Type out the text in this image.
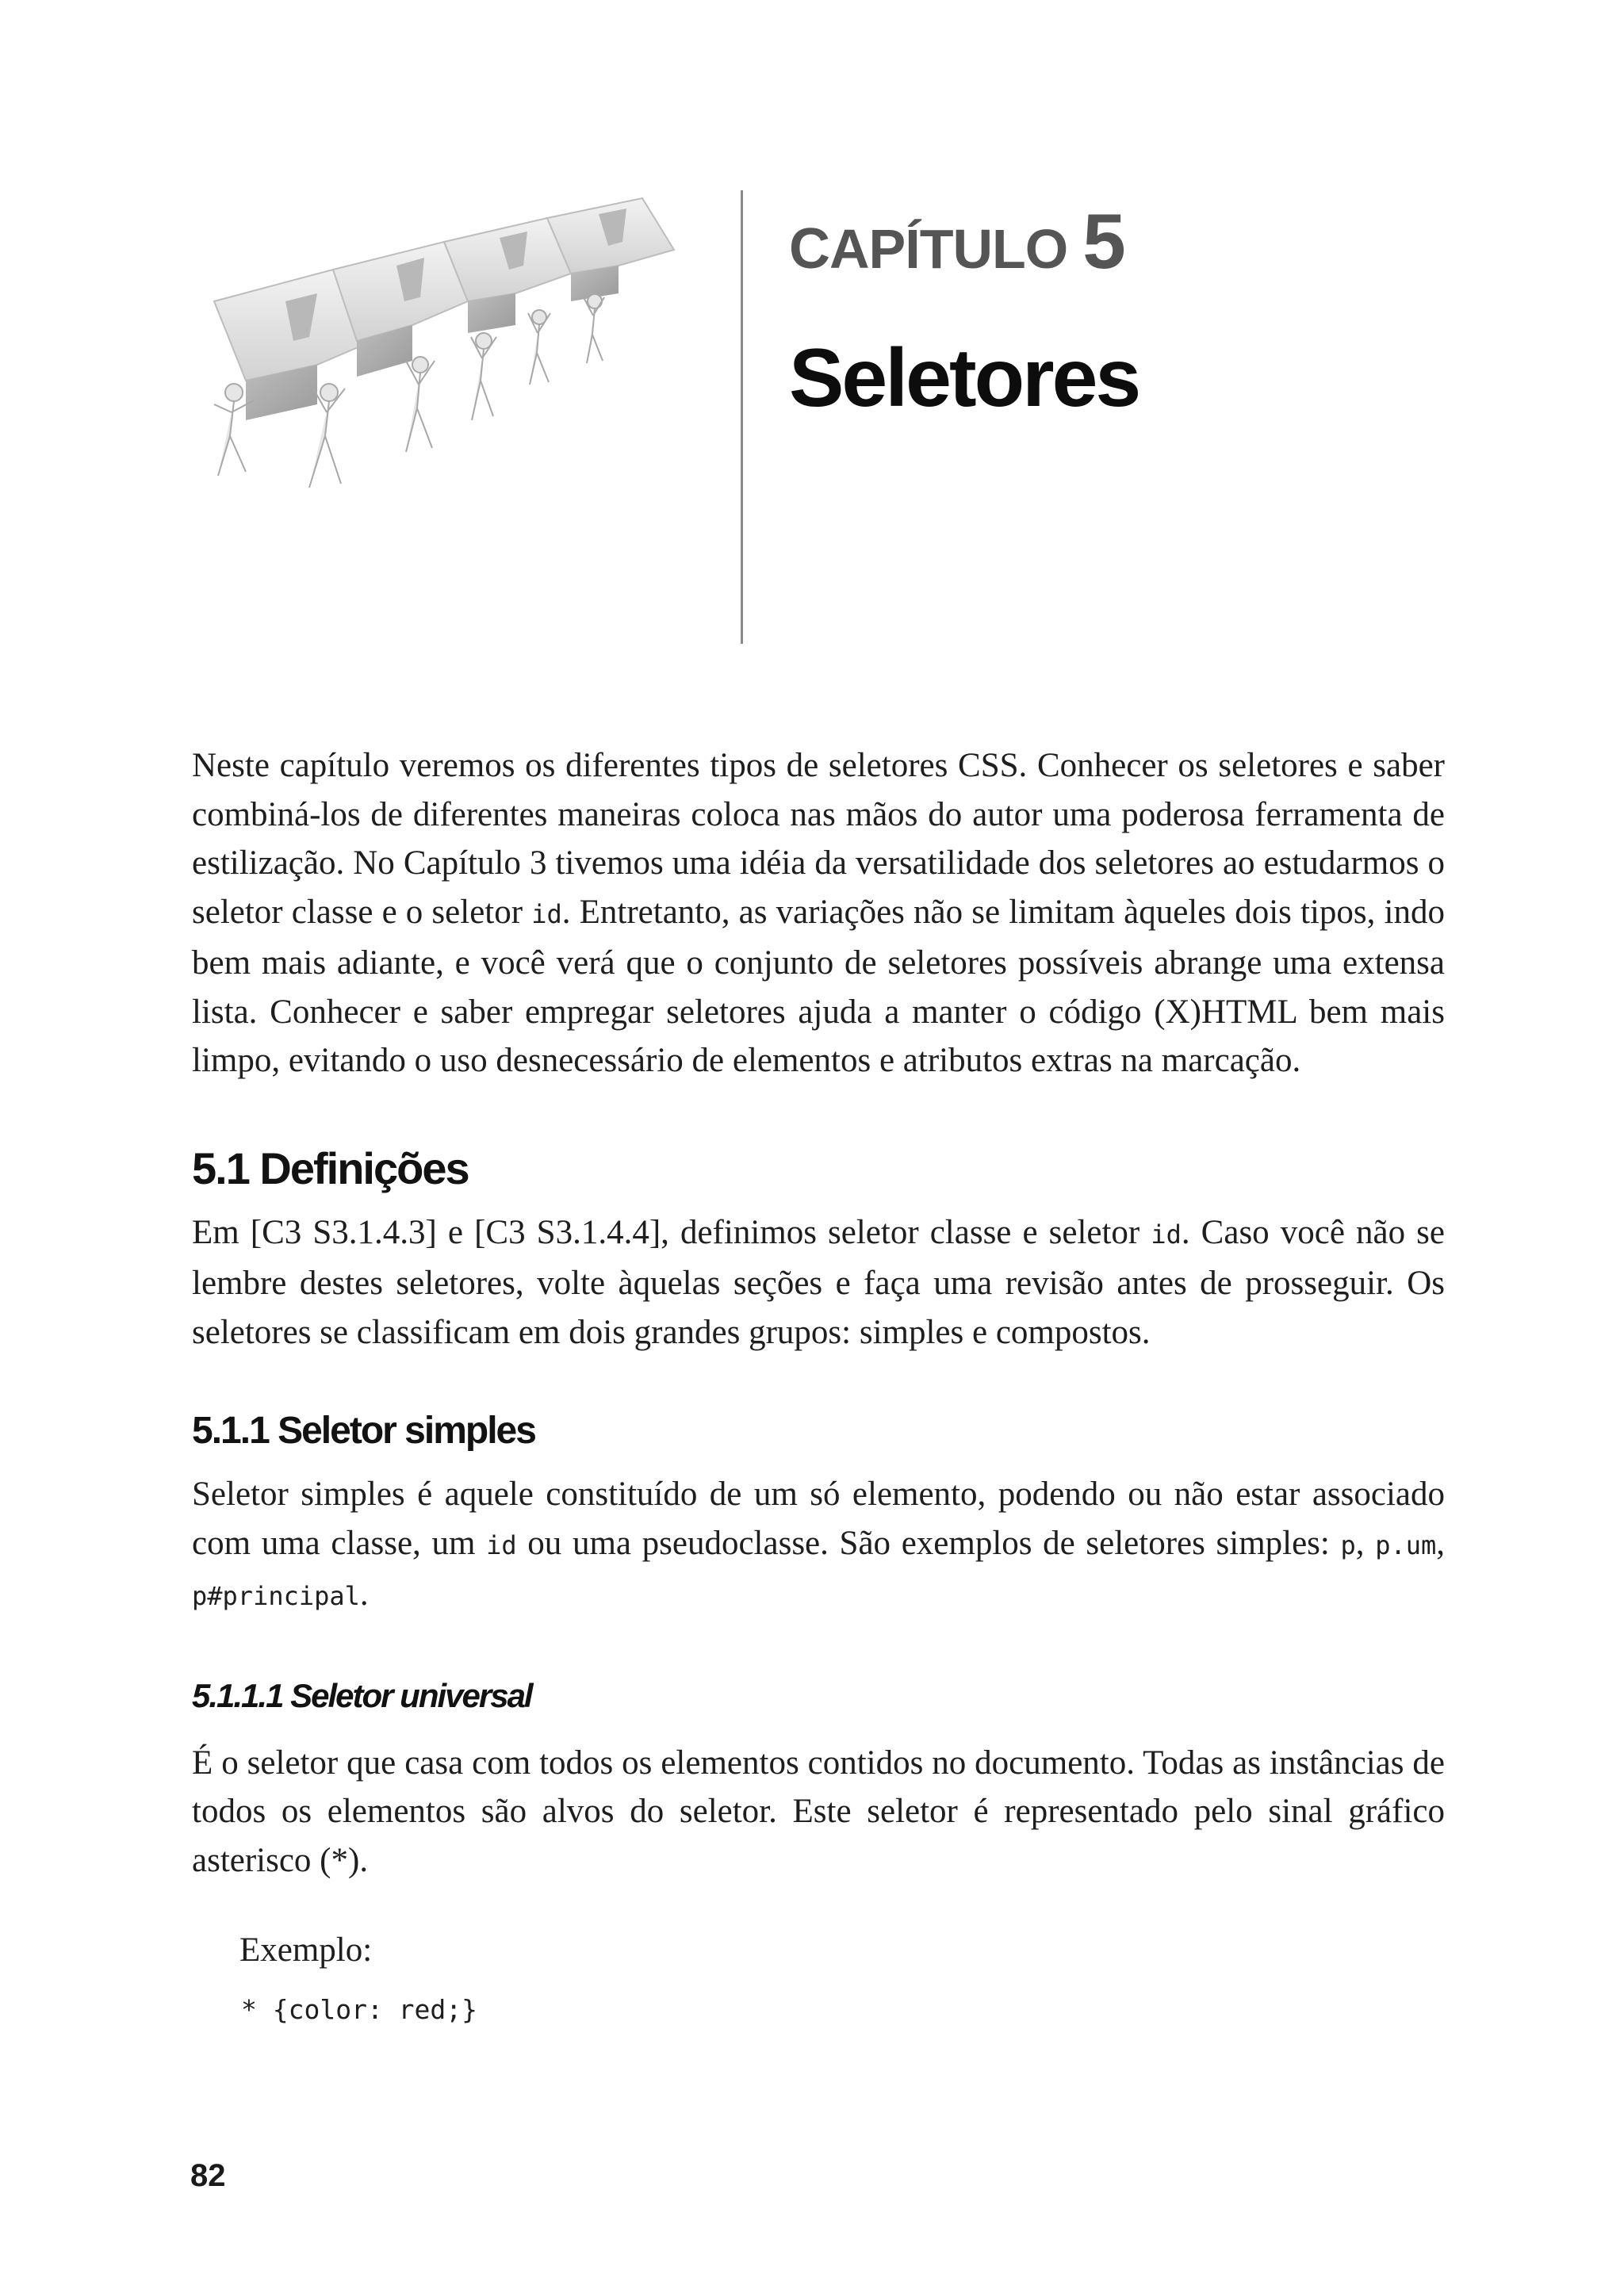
CAPÍTULO 5
Seletores

Neste capítulo veremos os diferentes tipos de seletores CSS. Conhecer os seletores e saber combiná-los de diferentes maneiras coloca nas mãos do autor uma poderosa ferramenta de estilização. No Capítulo 3 tivemos uma idéia da versatilidade dos seletores ao estudarmos o seletor classe e o seletor id. Entretanto, as variações não se limitam àqueles dois tipos, indo bem mais adiante, e você verá que o conjunto de seletores possíveis abrange uma extensa lista. Conhecer e saber empregar seletores ajuda a manter o código (X)HTML bem mais limpo, evitando o uso desnecessário de elementos e atributos extras na marcação.

5.1 Definições

Em [C3 S3.1.4.3] e [C3 S3.1.4.4], definimos seletor classe e seletor id. Caso você não se lembre destes seletores, volte àquelas seções e faça uma revisão antes de prosseguir. Os seletores se classificam em dois grandes grupos: simples e compostos.

5.1.1 Seletor simples

Seletor simples é aquele constituído de um só elemento, podendo ou não estar associado com uma classe, um id ou uma pseudoclasse. São exemplos de seletores simples: p, p.um, p#principal.

5.1.1.1 Seletor universal

É o seletor que casa com todos os elementos contidos no documento. Todas as instâncias de todos os elementos são alvos do seletor. Este seletor é representado pelo sinal gráfico asterisco (*).

Exemplo:
* {color: red;}
82
